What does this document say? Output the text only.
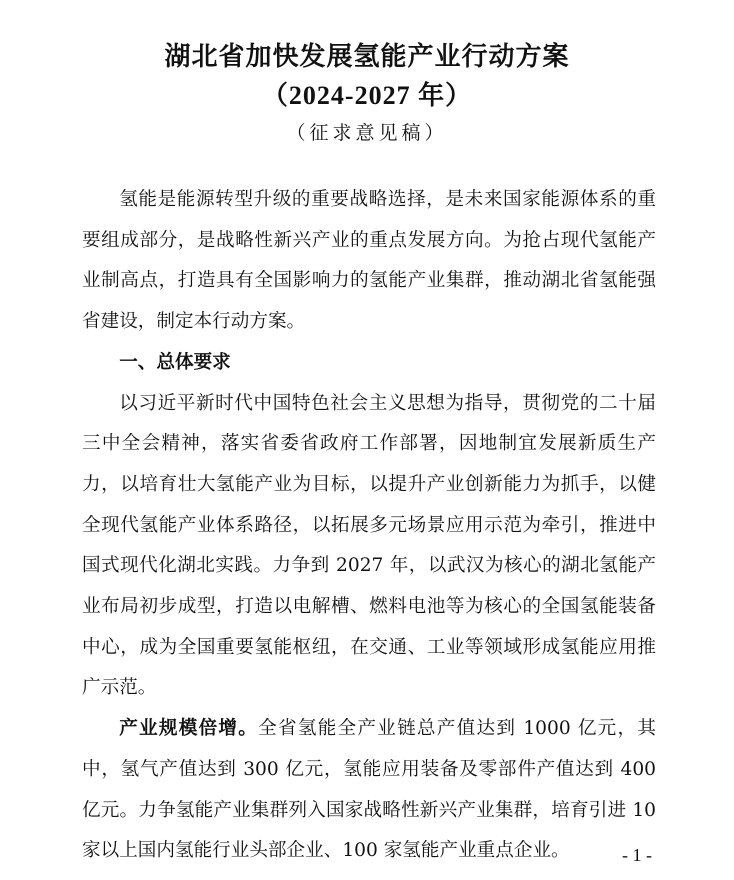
湖北省加快发展氢能产业行动方案
（2024-2027 年）
（征求意见稿）

氢能是能源转型升级的重要战略选择，是未来国家能源体系的重要组成部分，是战略性新兴产业的重点发展方向。为抢占现代氢能产业制高点，打造具有全国影响力的氢能产业集群，推动湖北省氢能强省建设，制定本行动方案。

一、总体要求

以习近平新时代中国特色社会主义思想为指导，贯彻党的二十届三中全会精神，落实省委省政府工作部署，因地制宜发展新质生产力，以培育壮大氢能产业为目标，以提升产业创新能力为抓手，以健全现代氢能产业体系路径，以拓展多元场景应用示范为牵引，推进中国式现代化湖北实践。力争到 2027 年，以武汉为核心的湖北氢能产业布局初步成型，打造以电解槽、燃料电池等为核心的全国氢能装备中心，成为全国重要氢能枢纽，在交通、工业等领域形成氢能应用推广示范。

产业规模倍增。全省氢能全产业链总产值达到 1000 亿元，其中，氢气产值达到 300 亿元，氢能应用装备及零部件产值达到 400 亿元。力争氢能产业集群列入国家战略性新兴产业集群，培育引进 10 家以上国内氢能行业头部企业、100 家氢能产业重点企业。	- 1 -
